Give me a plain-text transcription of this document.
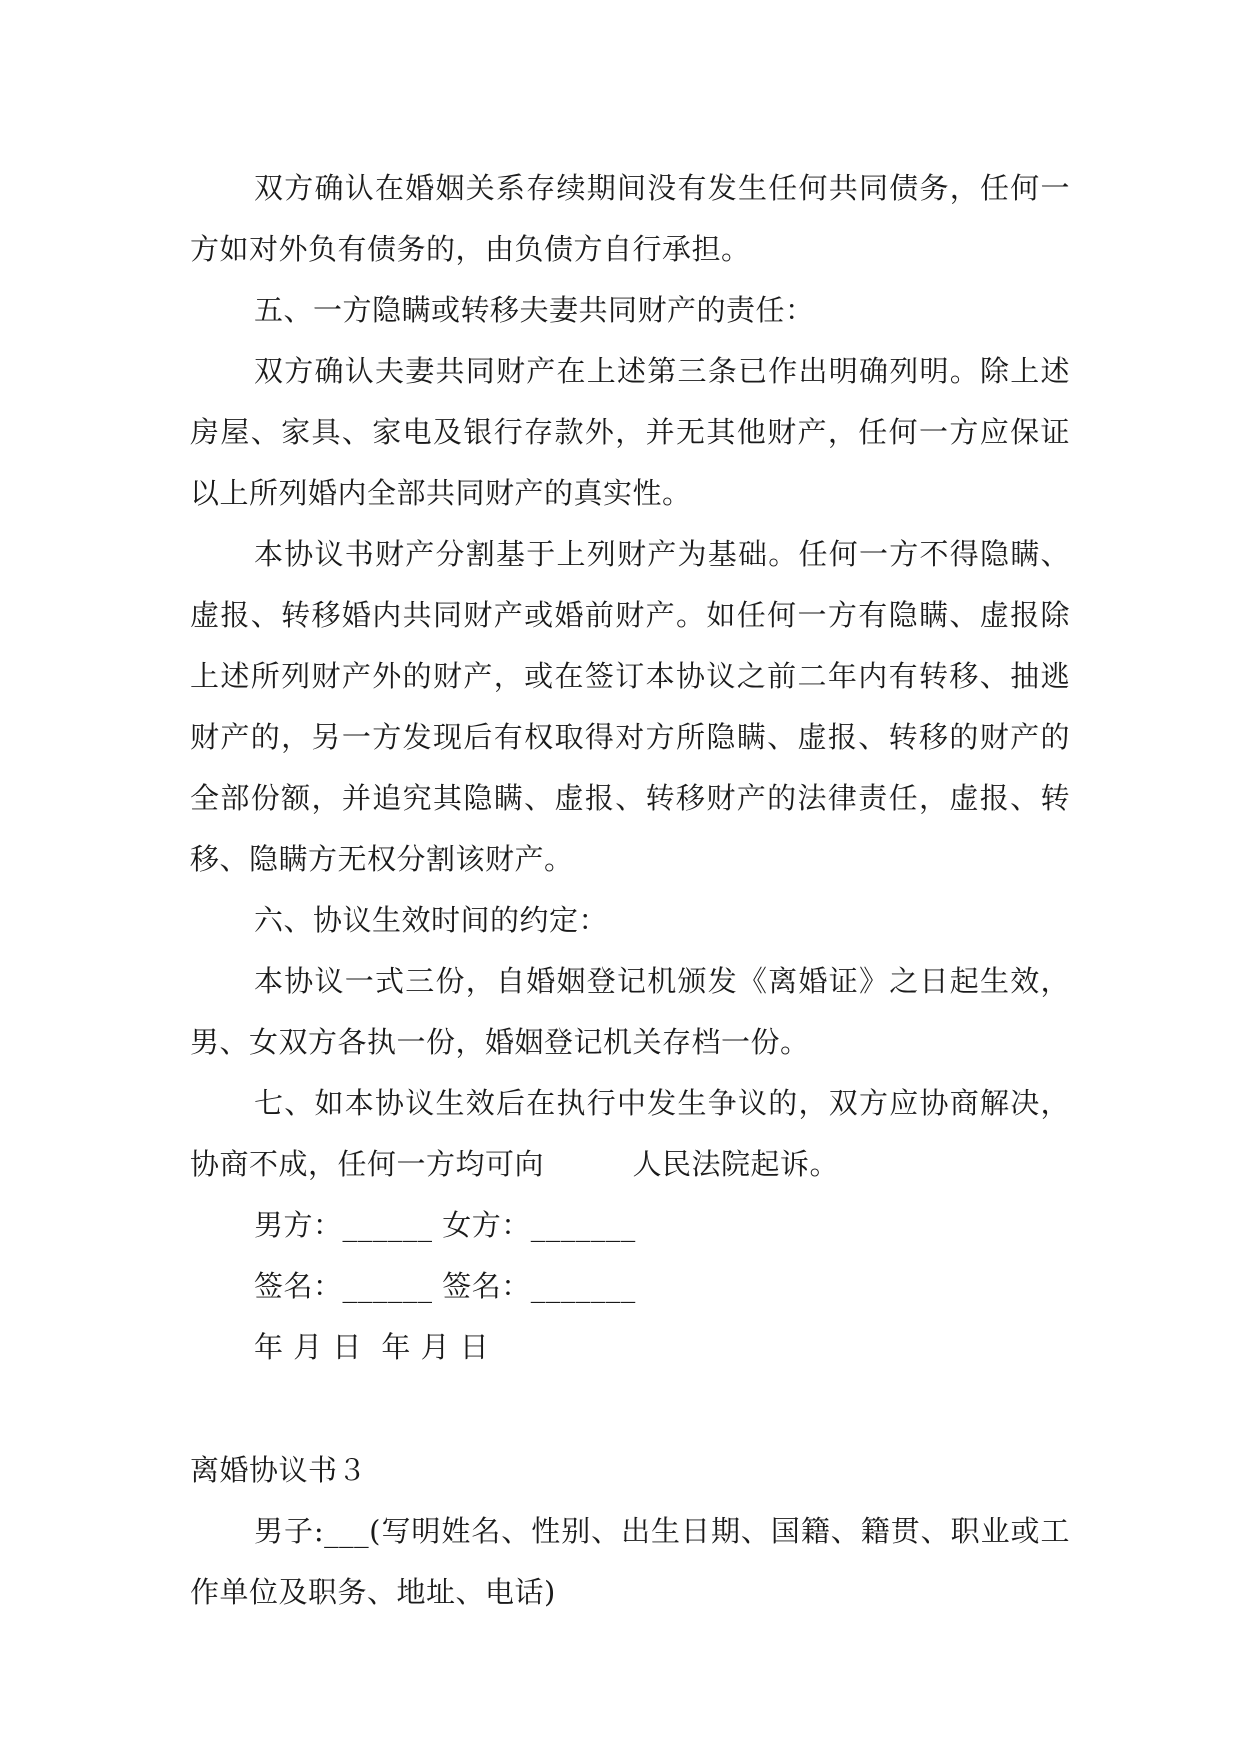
双方确认在婚姻关系存续期间没有发生任何共同债务，任何一方如对外负有债务的，由负债方自行承担。

五、一方隐瞒或转移夫妻共同财产的责任：

双方确认夫妻共同财产在上述第三条已作出明确列明。除上述房屋、家具、家电及银行存款外，并无其他财产，任何一方应保证以上所列婚内全部共同财产的真实性。

本协议书财产分割基于上列财产为基础。任何一方不得隐瞒、虚报、转移婚内共同财产或婚前财产。如任何一方有隐瞒、虚报除上述所列财产外的财产，或在签订本协议之前二年内有转移、抽逃财产的，另一方发现后有权取得对方所隐瞒、虚报、转移的财产的全部份额，并追究其隐瞒、虚报、转移财产的法律责任，虚报、转移、隐瞒方无权分割该财产。

六、协议生效时间的约定：

本协议一式三份，自婚姻登记机颁发《离婚证》之日起生效，男、女双方各执一份，婚姻登记机关存档一份。

七、如本协议生效后在执行中发生争议的，双方应协商解决，协商不成，任何一方均可向　　　人民法院起诉。

男方：______ 女方：_______

签名：______ 签名：_______

年 月 日  年 月 日

离婚协议书３

男子:___(写明姓名、性别、出生日期、国籍、籍贯、职业或工作单位及职务、地址、电话)
